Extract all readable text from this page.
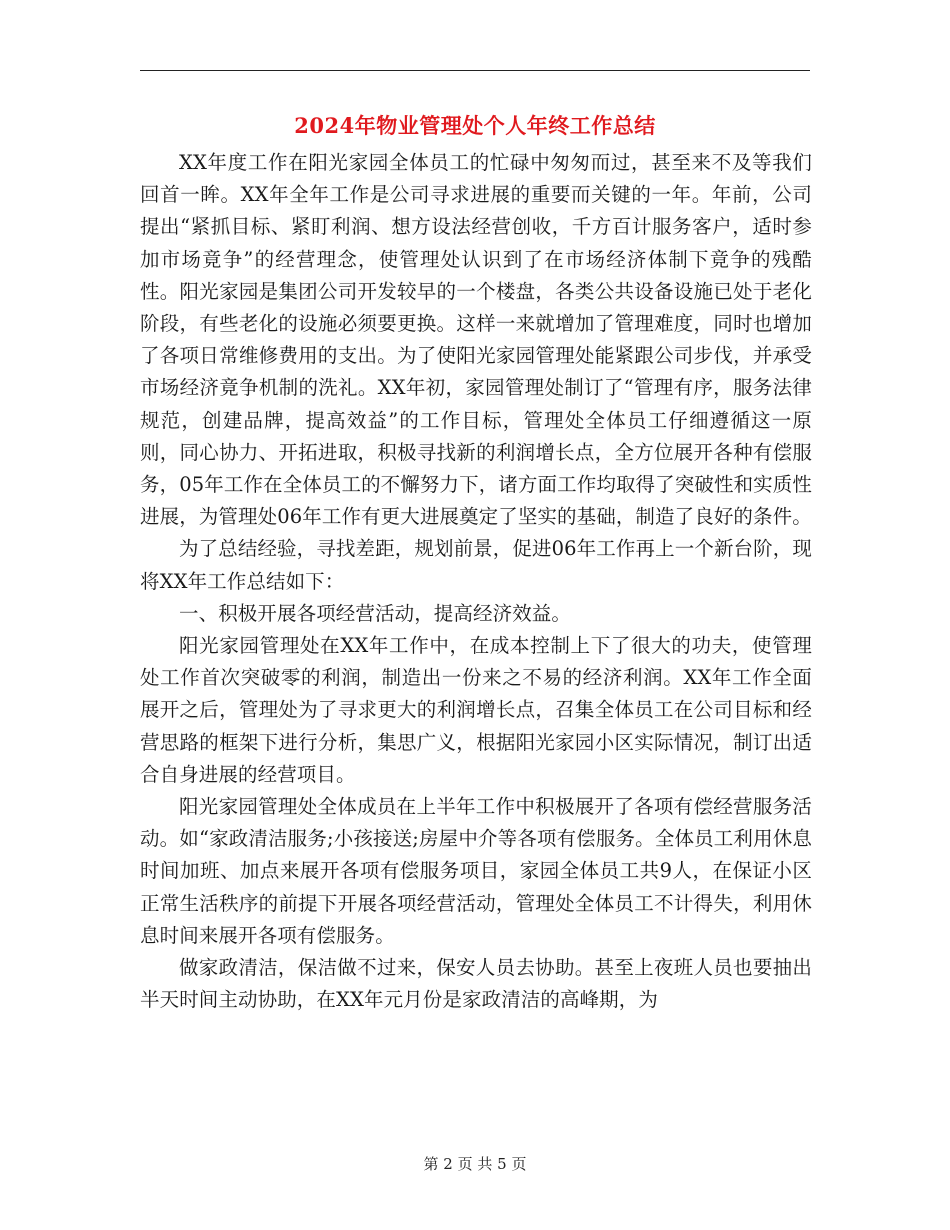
2024年物业管理处个人年终工作总结

XX年度工作在阳光家园全体员工的忙碌中匆匆而过，甚至来不及等我们回首一眸。XX年全年工作是公司寻求进展的重要而关键的一年。年前，公司提出“紧抓目标、紧盯利润、想方设法经营创收，千方百计服务客户，适时参加市场竟争”的经营理念，使管理处认识到了在市场经济体制下竟争的残酷性。阳光家园是集团公司开发较早的一个楼盘，各类公共设备设施已处于老化阶段，有些老化的设施必须要更换。这样一来就增加了管理难度，同时也增加了各项日常维修费用的支出。为了使阳光家园管理处能紧跟公司步伐，并承受市场经济竟争机制的洗礼。XX年初，家园管理处制订了“管理有序，服务法律规范，创建品牌，提高效益”的工作目标，管理处全体员工仔细遵循这一原则，同心协力、开拓进取，积极寻找新的利润增长点，全方位展开各种有偿服务，05年工作在全体员工的不懈努力下，诸方面工作均取得了突破性和实质性进展，为管理处06年工作有更大进展奠定了坚实的基础，制造了良好的条件。

为了总结经验，寻找差距，规划前景，促进06年工作再上一个新台阶，现将XX年工作总结如下：

一、积极开展各项经营活动，提高经济效益。

阳光家园管理处在XX年工作中，在成本控制上下了很大的功夫，使管理处工作首次突破零的利润，制造出一份来之不易的经济利润。XX年工作全面展开之后，管理处为了寻求更大的利润增长点，召集全体员工在公司目标和经营思路的框架下进行分析，集思广义，根据阳光家园小区实际情况，制订出适合自身进展的经营项目。

阳光家园管理处全体成员在上半年工作中积极展开了各项有偿经营服务活动。如“家政清洁服务;小孩接送;房屋中介等各项有偿服务。全体员工利用休息时间加班、加点来展开各项有偿服务项目，家园全体员工共9人，在保证小区正常生活秩序的前提下开展各项经营活动，管理处全体员工不计得失，利用休息时间来展开各项有偿服务。

做家政清洁，保洁做不过来，保安人员去协助。甚至上夜班人员也要抽出半天时间主动协助，在XX年元月份是家政清洁的高峰期，为

第 2 页 共 5 页
